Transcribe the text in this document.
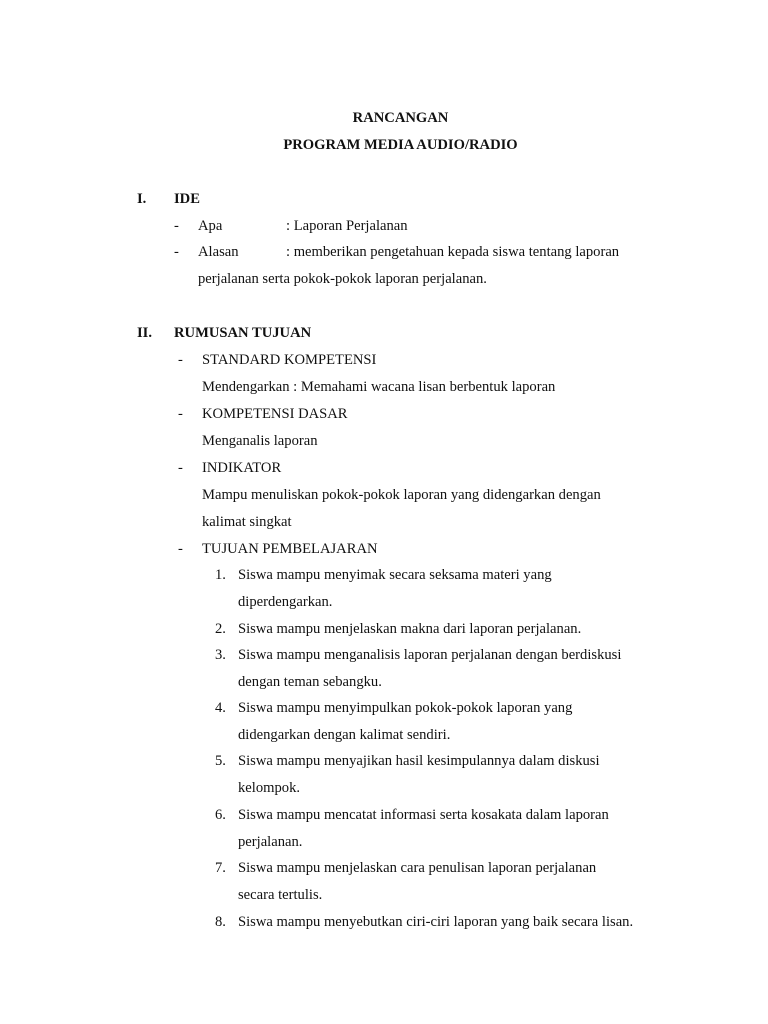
RANCANGAN
PROGRAM MEDIA AUDIO/RADIO
I. IDE
- Apa	: Laporan Perjalanan
- Alasan	: memberikan pengetahuan kepada siswa tentang laporan
perjalanan serta pokok-pokok laporan perjalanan.
II. RUMUSAN TUJUAN
- STANDARD KOMPETENSI
Mendengarkan : Memahami wacana lisan berbentuk laporan
- KOMPETENSI DASAR
Menganalis laporan
- INDIKATOR
Mampu menuliskan pokok-pokok laporan yang didengarkan dengan
kalimat singkat
- TUJUAN PEMBELAJARAN
1. Siswa mampu menyimak secara seksama materi yang
diperdengarkan.
2. Siswa mampu menjelaskan makna dari laporan perjalanan.
3. Siswa mampu menganalisis laporan perjalanan dengan berdiskusi
dengan teman sebangku.
4. Siswa mampu menyimpulkan pokok-pokok laporan yang
didengarkan dengan kalimat sendiri.
5. Siswa mampu menyajikan hasil kesimpulannya dalam diskusi
kelompok.
6. Siswa mampu mencatat informasi serta kosakata dalam laporan
perjalanan.
7. Siswa mampu menjelaskan cara penulisan laporan perjalanan
secara tertulis.
8. Siswa mampu menyebutkan ciri-ciri laporan yang baik secara lisan.
